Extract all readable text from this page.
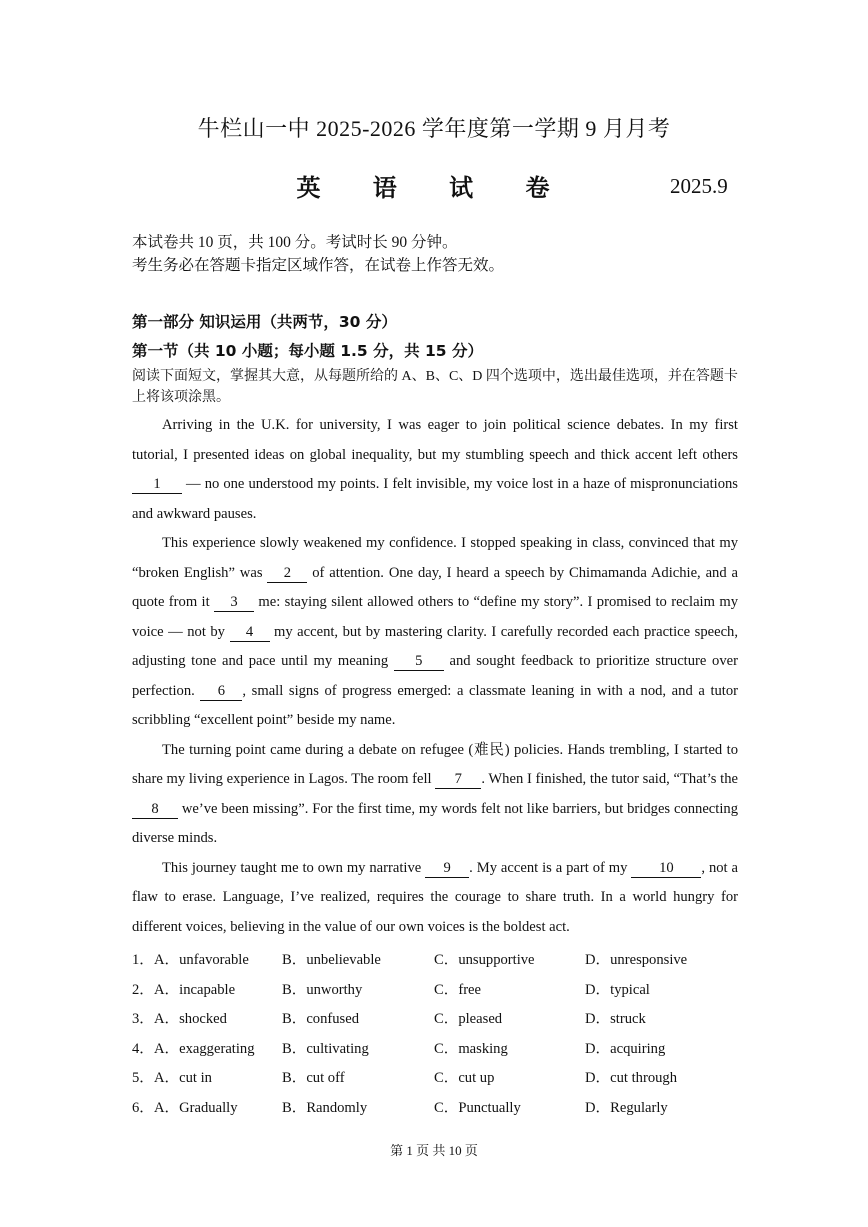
牛栏山一中 2025-2026 学年度第一学期 9 月月考
英 语 试 卷	2025.9
本试卷共 10 页，共 100 分。考试时长 90 分钟。
考生务必在答题卡指定区域作答，在试卷上作答无效。
第一部分 知识运用（共两节，30 分）
第一节（共 10 小题；每小题 1.5 分，共 15 分）
阅读下面短文，掌握其大意，从每题所给的 A、B、C、D 四个选项中，选出最佳选项，并在答题卡上将该项涂黑。

Arriving in the U.K. for university, I was eager to join political science debates. In my first tutorial, I presented ideas on global inequality, but my stumbling speech and thick accent left others 1 — no one understood my points. I felt invisible, my voice lost in a haze of mispronunciations and awkward pauses.

This experience slowly weakened my confidence. I stopped speaking in class, convinced that my “broken English” was 2 of attention. One day, I heard a speech by Chimamanda Adichie, and a quote from it 3 me: staying silent allowed others to “define my story”. I promised to reclaim my voice — not by 4 my accent, but by mastering clarity. I carefully recorded each practice speech, adjusting tone and pace until my meaning 5 and sought feedback to prioritize structure over perfection. 6 , small signs of progress emerged: a classmate leaning in with a nod, and a tutor scribbling “excellent point” beside my name.

The turning point came during a debate on refugee (难民) policies. Hands trembling, I started to share my living experience in Lagos. The room fell 7 . When I finished, the tutor said, “That’s the 8 we’ve been missing”. For the first time, my words felt not like barriers, but bridges connecting diverse minds.

This journey taught me to own my narrative 9 . My accent is a part of my 10 , not a flaw to erase. Language, I’ve realized, requires the courage to share truth. In a world hungry for different voices, believing in the value of our own voices is the boldest act.

1． A．unfavorable B．unbelievable	C．unsupportive	D．unresponsive
2． A．incapable	B．unworthy	C．free	D．typical
3． A．shocked	B．confused	C．pleased	D．struck
4． A．exaggerating B．cultivating	C．masking	D．acquiring
5． A．cut in	B．cut off	C．cut up	D．cut through
6． A．Gradually	B．Randomly	C．Punctually	D．Regularly
第 1 页 共 10 页
